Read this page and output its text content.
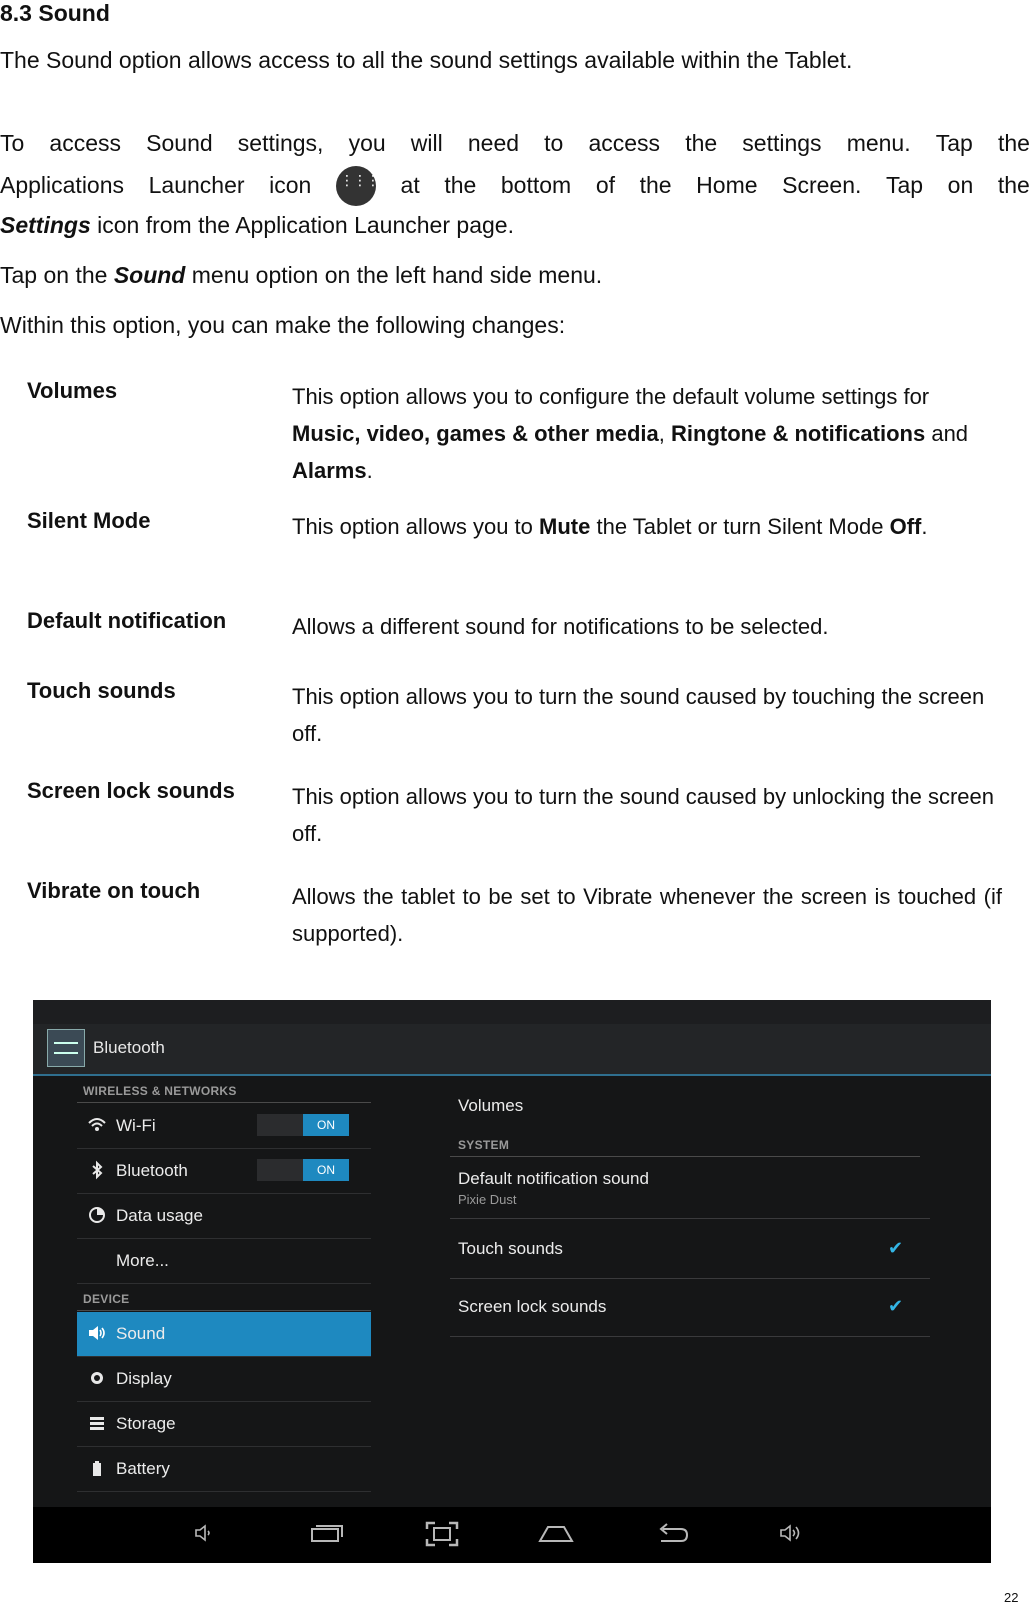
8.3 Sound
The Sound option allows access to all the sound settings available within the Tablet.
To access Sound settings, you will need to access the settings menu. Tap the
Applications Launcher icon
⋮⋮⋮	at the bottom of the Home Screen. Tap on the
Settings icon from the Application Launcher page.
Tap on the Sound menu option on the left hand side menu.
Within this option, you can make the following changes:
Volumes	This option allows you to configure the default volume settings for Music, video, games & other media, Ringtone & notifications and Alarms.
Silent Mode	This option allows you to Mute the Tablet or turn Silent Mode Off.
Default notification	Allows a different sound for notifications to be selected.
Touch sounds	This option allows you to turn the sound caused by touching the screen off.
Screen lock sounds	This option allows you to turn the sound caused by unlocking the screen off.
Vibrate on touch	Allows the tablet to be set to Vibrate whenever the screen is touched (if supported).
Bluetooth
WIRELESS & NETWORKS
Wi-Fi	ON
Bluetooth	ON
Data usage
More...
DEVICE
Sound
Display
Storage
Battery
Volumes
SYSTEM
Default notification sound
Pixie Dust
Touch sounds	✔
Screen lock sounds	✔
22
